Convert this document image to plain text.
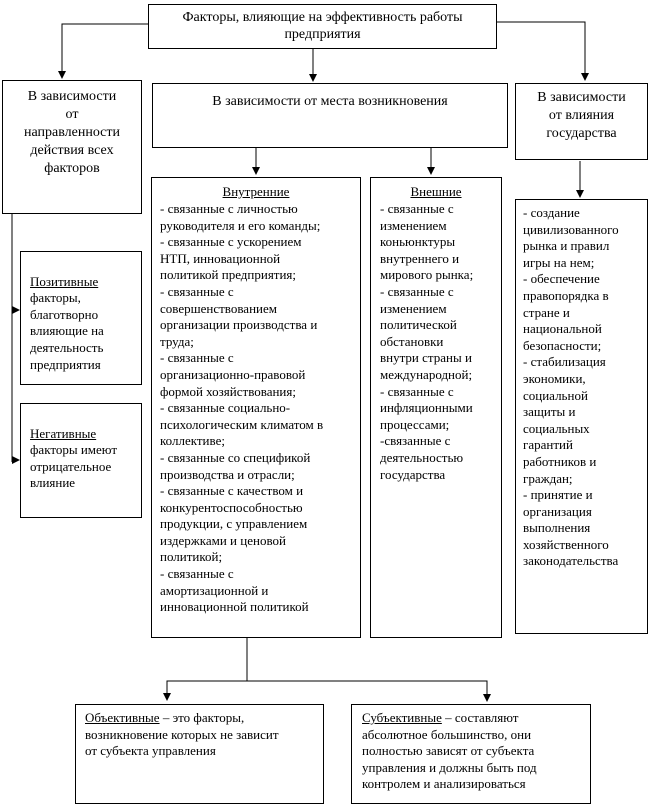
Факторы, влияющие на эффективность работы
предприятия
В зависимости
от
направленности
действия всех
факторов

Позитивные

факторы,
благотворно
влияющие на
деятельность
предприятия

Негативные

факторы имеют
отрицательное
влияние

В зависимости от места возникновения
Внутренние
- связанные с личностью
руководителя и его команды;
- связанные с ускорением
НТП, инновационной
политикой предприятия;
- связанные с
совершенствованием
организации производства и
труда;
- связанные с
организационно-правовой
формой хозяйствования;
- связанные социально-
психологическим климатом в
коллективе;
- связанные со спецификой
производства и отрасли;
- связанные с качеством и
конкурентоспособностью
продукции, с управлением
издержками и ценовой
политикой;
- связанные с
амортизационной и
инновационной политикой
Внешние
- связанные с
изменением
коньюнктуры
внутреннего и
мирового рынка;
- связанные с
изменением
политической
обстановки
внутри страны и
международной;
- связанные с
инфляционными
процессами;
-связанные с
деятельностью
государства
В зависимости
от влияния
государства
- создание
цивилизованного
рынка и правил
игры на нем;
- обеспечение
правопорядка в
стране и
национальной
безопасности;
- стабилизация
экономики,
социальной
защиты и
социальных
гарантий
работников и
граждан;
- принятие и
организация
выполнения
хозяйственного
законодательства
Объективные – это факторы,
возникновение которых не зависит
от субъекта управления
Субъективные – составляют
абсолютное большинство, они
полностью зависят от субъекта
управления и должны быть под
контролем и анализироваться
